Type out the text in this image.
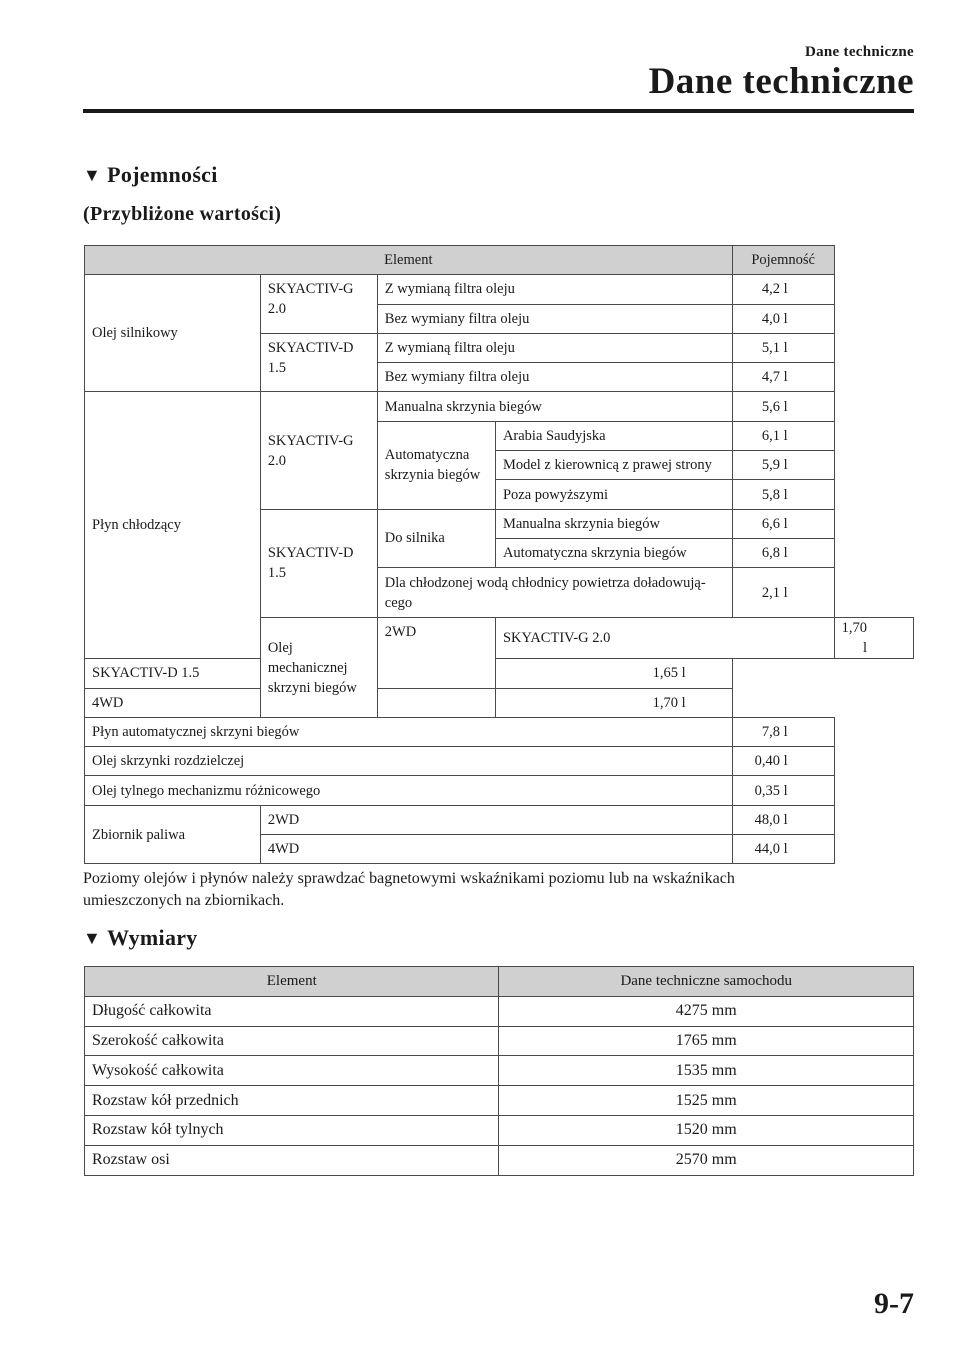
Dane techniczne
Dane techniczne
▼ Pojemności
(Przybliżone wartości)
Element				Pojemność	
Olej silnikowy	SKYACTIV-G 2.0	Z wymianą filtra oleju		4,2 l	
		Bez wymiany filtra oleju		4,0 l	
	SKYACTIV-D 1.5	Z wymianą filtra oleju		5,1 l	
		Bez wymiany filtra oleju		4,7 l	
Płyn chłodzący	SKYACTIV-G 2.0	Manualna skrzynia biegów		5,6 l	
		Automatyczna skrzynia biegów	Arabia Saudyjska	6,1 l	
			Model z kierownicą z prawej strony	5,9 l	
			Poza powyższymi	5,8 l	
	SKYACTIV-D 1.5	Do silnika	Manualna skrzynia biegów	6,6 l	
			Automatyczna skrzynia biegów	6,8 l	
		Dla chłodzonej wodą chłodnicy powietrza doładowują- cego		2,1 l	
	Olej mechanicznej skrzyni biegów	2WD	SKYACTIV-G 2.0		1,70 l
SKYACTIV-D 1.5			1,65 l		
4WD			1,70 l		
Płyn automatycznej skrzyni biegów				7,8 l	
Olej skrzynki rozdzielczej				0,40 l	
Olej tylnego mechanizmu różnicowego				0,35 l	
Zbiornik paliwa	2WD			48,0 l	
	4WD			44,0 l	
Poziomy olejów i płynów należy sprawdzać bagnetowymi wskaźnikami poziomu lub na wskaźnikach umieszczonych na zbiornikach.
▼ Wymiary
Element	Dane techniczne samochodu
Długość całkowita	4275 mm
Szerokość całkowita	1765 mm
Wysokość całkowita	1535 mm
Rozstaw kół przednich	1525 mm
Rozstaw kół tylnych	1520 mm
Rozstaw osi	2570 mm
9-7
